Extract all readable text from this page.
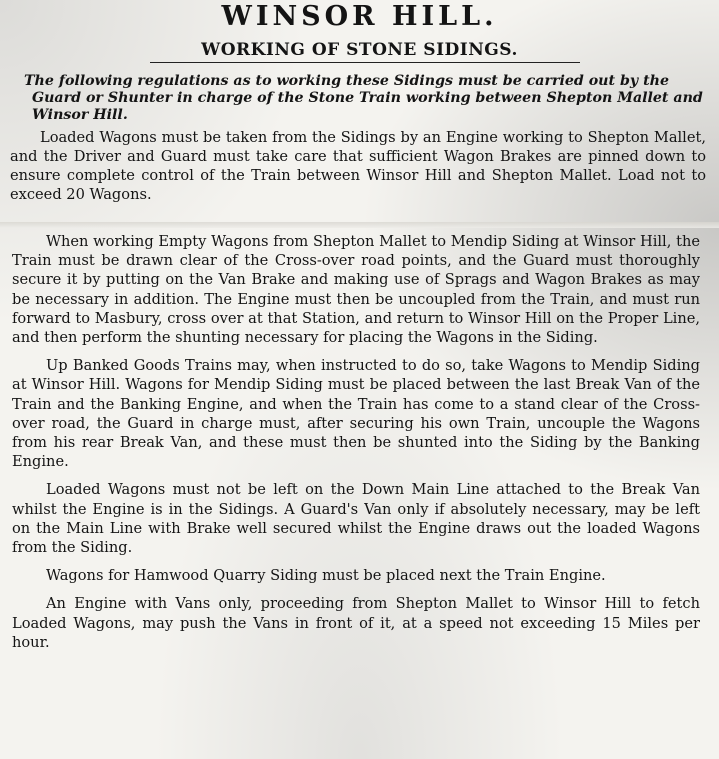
WINSOR HILL.
WORKING OF STONE SIDINGS.
The following regulations as to working these Sidings must be carried out by the Guard or Shunter in charge of the Stone Train working between Shepton Mallet and Winsor Hill.
Loaded Wagons must be taken from the Sidings by an Engine working to Shepton Mallet, and the Driver and Guard must take care that sufficient Wagon Brakes are pinned down to ensure complete control of the Train between Winsor Hill and Shepton Mallet. Load not to exceed 20 Wagons.

When working Empty Wagons from Shepton Mallet to Mendip Siding at Winsor Hill, the Train must be drawn clear of the Cross-over road points, and the Guard must thoroughly secure it by putting on the Van Brake and making use of Sprags and Wagon Brakes as may be necessary in addition. The Engine must then be uncoupled from the Train, and must run forward to Masbury, cross over at that Station, and return to Winsor Hill on the Proper Line, and then perform the shunting necessary for placing the Wagons in the Siding.

Up Banked Goods Trains may, when instructed to do so, take Wagons to Mendip Siding at Winsor Hill. Wagons for Mendip Siding must be placed between the last Break Van of the Train and the Banking Engine, and when the Train has come to a stand clear of the Cross-over road, the Guard in charge must, after securing his own Train, uncouple the Wagons from his rear Break Van, and these must then be shunted into the Siding by the Banking Engine.

Loaded Wagons must not be left on the Down Main Line attached to the Break Van whilst the Engine is in the Sidings. A Guard's Van only if absolutely necessary, may be left on the Main Line with Brake well secured whilst the Engine draws out the loaded Wagons from the Siding.

Wagons for Hamwood Quarry Siding must be placed next the Train Engine.

An Engine with Vans only, proceeding from Shepton Mallet to Winsor Hill to fetch Loaded Wagons, may push the Vans in front of it, at a speed not exceeding 15 Miles per hour.
